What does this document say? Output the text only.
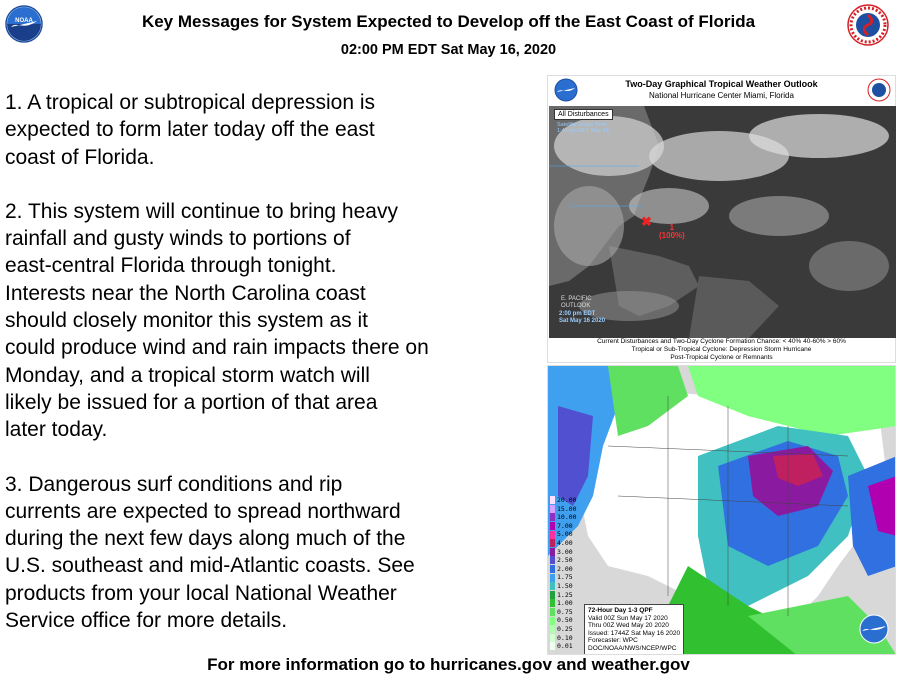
NOAA	Key Messages for System Expected to Develop off the East Coast of Florida
02:00 PM EDT Sat May 16, 2020

1. A tropical or subtropical depression is
expected to form later today off the east
coast of Florida.

2. This system will continue to bring heavy
rainfall and gusty winds to portions of
east-central Florida through tonight.
Interests near the North Carolina coast
should closely monitor this system as it
could produce wind and rain impacts there on
Monday, and a tropical storm watch will
likely be issued for a portion of that area
later today.

3. Dangerous surf conditions and rip
currents are expected to spread northward
during the next few days along much of the
U.S. southeast and mid-Atlantic coasts. See
products from your local National Weather
Service office for more details.

Two-Day Graphical Tropical Weather Outlook
National Hurricane Center Miami, Florida
All Disturbances
Satellite Image Time
1:40 pm EDT May 16
E. PACIFIC
OUTLOOK
2:00 pm EDT
Sat May 16 2020
✖	1
(100%)
Current Disturbances and Two-Day Cyclone Formation Chance: < 40% 40-60% > 60%
Tropical or Sub-Tropical Cyclone: Depression Storm Hurricane
Post-Tropical Cyclone or Remnants
20.00
15.00
10.00
7.00
5.00
4.00
3.00
2.50
2.00
1.75
1.50
1.25
1.00
0.75
0.50
0.25
0.10
0.01
72-Hour Day 1-3 QPF
Valid 00Z Sun May 17 2020
Thru 00Z Wed May 20 2020
Issued: 1744Z Sat May 16 2020
Forecaster: WPC
DOC/NOAA/NWS/NCEP/WPC
For more information go to hurricanes.gov and weather.gov
